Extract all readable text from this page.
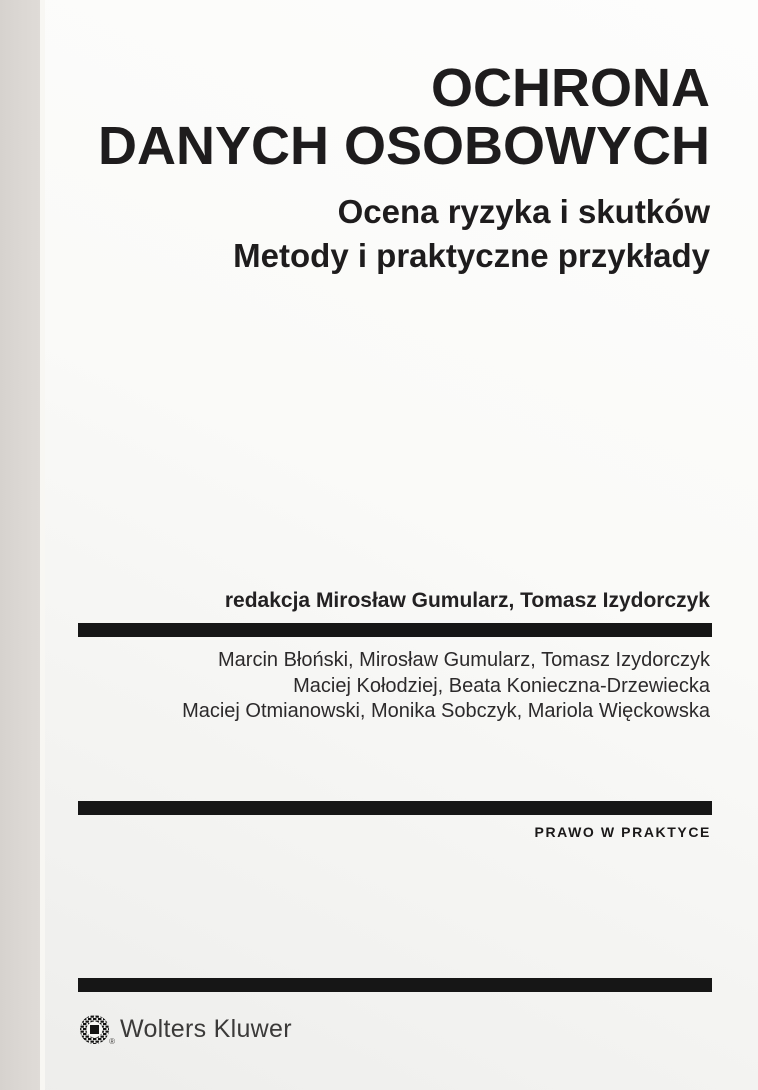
OCHRONA
DANYCH OSOBOWYCH
Ocena ryzyka i skutków
Metody i praktyczne przykłady
redakcja Mirosław Gumularz, Tomasz Izydorczyk
Marcin Błoński, Mirosław Gumularz, Tomasz Izydorczyk
Maciej Kołodziej, Beata Konieczna-Drzewiecka
Maciej Otmianowski, Monika Sobczyk, Mariola Więckowska
PRAWO W PRAKTYCE
® Wolters Kluwer
